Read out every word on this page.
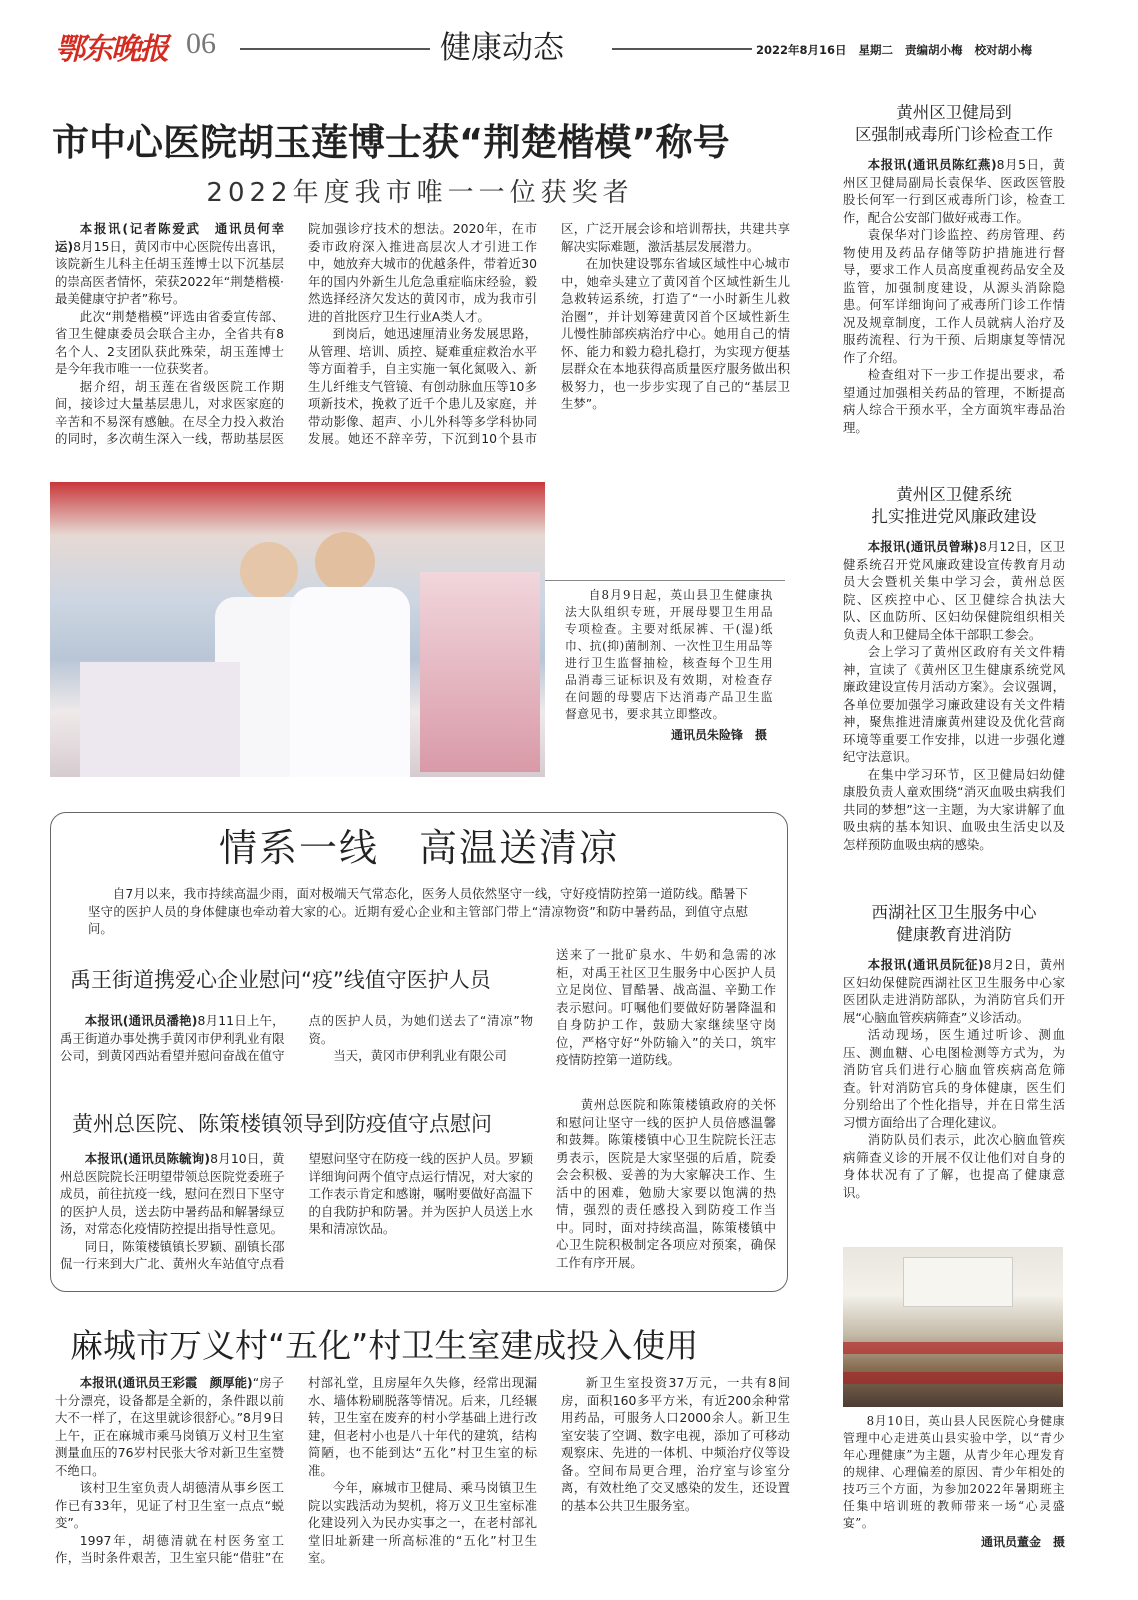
鄂东晚报 06	健康动态	2022年8月16日 星期二 责编胡小梅 校对胡小梅
市中心医院胡玉莲博士获“荆楚楷模”称号
2022年度我市唯一一位获奖者

本报讯(记者陈爱武　通讯员何幸运)8月15日，黄冈市中心医院传出喜讯，该院新生儿科主任胡玉莲博士以下沉基层的崇高医者情怀，荣获2022年“荆楚楷模·最美健康守护者”称号。

此次“荆楚楷模”评选由省委宣传部、省卫生健康委员会联合主办，全省共有8名个人、2支团队获此殊荣，胡玉莲博士是今年我市唯一一位获奖者。

据介绍，胡玉莲在省级医院工作期间，接诊过大量基层患儿，对求医家庭的辛苦和不易深有感触。在尽全力投入救治的同时，多次萌生深入一线，帮助基层医院加强诊疗技术的想法。2020年，在市委市政府深入推进高层次人才引进工作中，她放弃大城市的优越条件，带着近30年的国内外新生儿危急重症临床经验，毅然选择经济欠发达的黄冈市，成为我市引进的首批医疗卫生行业A类人才。

到岗后，她迅速厘清业务发展思路，从管理、培训、质控、疑难重症救治水平等方面着手，自主实施一氧化氮吸入、新生儿纤维支气管镜、有创动脉血压等10多项新技术，挽救了近千个患儿及家庭，并带动影像、超声、小儿外科等多学科协同发展。她还不辞辛劳，下沉到10个县市区，广泛开展会诊和培训帮扶，共建共享解决实际难题，激活基层发展潜力。

在加快建设鄂东省域区域性中心城市中，她牵头建立了黄冈首个区域性新生儿急救转运系统，打造了“一小时新生儿救治圈”，并计划筹建黄冈首个区域性新生儿慢性肺部疾病治疗中心。她用自己的情怀、能力和毅力稳扎稳打，为实现方便基层群众在本地获得高质量医疗服务做出积极努力，也一步步实现了自己的“基层卫生梦”。

自8月9日起，英山县卫生健康执法大队组织专班，开展母婴卫生用品专项检查。主要对纸尿裤、干(湿)纸巾、抗(抑)菌制剂、一次性卫生用品等进行卫生监督抽检，核查每个卫生用品消毒三证标识及有效期，对检查存在问题的母婴店下达消毒产品卫生监督意见书，要求其立即整改。

通讯员朱险锋　摄
情系一线　高温送清凉

自7月以来，我市持续高温少雨，面对极端天气常态化，医务人员依然坚守一线，守好疫情防控第一道防线。酷暑下坚守的医护人员的身体健康也牵动着大家的心。近期有爱心企业和主管部门带上“清凉物资”和防中暑药品，到值守点慰问。

禹王街道携爱心企业慰问“疫”线值守医护人员

本报讯(通讯员潘艳)8月11日上午，禹王街道办事处携手黄冈市伊利乳业有限公司，到黄冈西站看望并慰问奋战在值守点的医护人员，为她们送去了“清凉”物资。

当天，黄冈市伊利乳业有限公司

送来了一批矿泉水、牛奶和急需的冰柜，对禹王社区卫生服务中心医护人员立足岗位、冒酷暑、战高温、辛勤工作表示慰问。叮嘱他们要做好防暑降温和自身防护工作，鼓励大家继续坚守岗位，严格守好“外防输入”的关口，筑牢疫情防控第一道防线。

黄州总医院、陈策楼镇领导到防疫值守点慰问

本报讯(通讯员陈毓询)8月10日，黄州总医院院长汪明望带领总医院党委班子成员，前往抗疫一线，慰问在烈日下坚守的医护人员，送去防中暑药品和解暑绿豆汤，对常态化疫情防控提出指导性意见。

同日，陈策楼镇镇长罗颖、副镇长邵侃一行来到大广北、黄州火车站值守点看望慰问坚守在防疫一线的医护人员。罗颖详细询问两个值守点运行情况，对大家的工作表示肯定和感谢，嘱咐要做好高温下的自我防护和防暑。并为医护人员送上水果和清凉饮品。

黄州总医院和陈策楼镇政府的关怀和慰问让坚守一线的医护人员倍感温馨和鼓舞。陈策楼镇中心卫生院院长汪志勇表示，医院是大家坚强的后盾，院委会会积极、妥善的为大家解决工作、生活中的困难，勉励大家要以饱满的热情，强烈的责任感投入到防疫工作当中。同时，面对持续高温，陈策楼镇中心卫生院积极制定各项应对预案，确保工作有序开展。

麻城市万义村“五化”村卫生室建成投入使用

本报讯(通讯员王彩霞　颜厚能)“房子十分漂亮，设备都是全新的，条件跟以前大不一样了，在这里就诊很舒心。”8月9日上午，正在麻城市乘马岗镇万义村卫生室测量血压的76岁村民张大爷对新卫生室赞不绝口。

该村卫生室负责人胡德清从事乡医工作已有33年，见证了村卫生室一点点“蜕变”。

1997年，胡德清就在村医务室工作，当时条件艰苦，卫生室只能“借驻”在村部礼堂，且房屋年久失修，经常出现漏水、墙体粉刷脱落等情况。后来，几经辗转，卫生室在废弃的村小学基础上进行改建，但老村小也是八十年代的建筑，结构简陋，也不能到达“五化”村卫生室的标准。

今年，麻城市卫健局、乘马岗镇卫生院以实践活动为契机，将万义卫生室标准化建设列入为民办实事之一，在老村部礼堂旧址新建一所高标准的“五化”村卫生室。

新卫生室投资37万元，一共有8间房，面积160多平方米，有近200余种常用药品，可服务人口2000余人。新卫生室安装了空调、数字电视，添加了可移动观察床、先进的一体机、中频治疗仪等设备。空间布局更合理，治疗室与诊室分离，有效杜绝了交叉感染的发生，还设置的基本公共卫生服务室。

黄州区卫健局到
区强制戒毒所门诊检查工作

本报讯(通讯员陈红燕)8月5日，黄州区卫健局副局长袁保华、医政医管股股长何军一行到区戒毒所门诊，检查工作，配合公安部门做好戒毒工作。

袁保华对门诊监控、药房管理、药物使用及药品存储等防护措施进行督导，要求工作人员高度重视药品安全及监管，加强制度建设，从源头消除隐患。何军详细询问了戒毒所门诊工作情况及规章制度，工作人员就病人治疗及服药流程、行为干预、后期康复等情况作了介绍。

检查组对下一步工作提出要求，希望通过加强相关药品的管理，不断提高病人综合干预水平，全方面筑牢毒品治理。

黄州区卫健系统
扎实推进党风廉政建设

本报讯(通讯员曾琳)8月12日，区卫健系统召开党风廉政建设宣传教育月动员大会暨机关集中学习会，黄州总医院、区疾控中心、区卫健综合执法大队、区血防所、区妇幼保健院组织相关负责人和卫健局全体干部职工参会。

会上学习了黄州区政府有关文件精神，宣读了《黄州区卫生健康系统党风廉政建设宣传月活动方案》。会议强调，各单位要加强学习廉政建设有关文件精神，聚焦推进清廉黄州建设及优化营商环境等重要工作安排，以进一步强化遵纪守法意识。

在集中学习环节，区卫健局妇幼健康股负责人童欢围绕“消灭血吸虫病我们共同的梦想”这一主题，为大家讲解了血吸虫病的基本知识、血吸虫生活史以及怎样预防血吸虫病的感染。

西湖社区卫生服务中心
健康教育进消防

本报讯(通讯员阮征)8月2日，黄州区妇幼保健院西湖社区卫生服务中心家医团队走进消防部队，为消防官兵们开展“心脑血管疾病筛查”义诊活动。

活动现场，医生通过听诊、测血压、测血糖、心电图检测等方式为，为消防官兵们进行心脑血管疾病高危筛查。针对消防官兵的身体健康，医生们分别给出了个性化指导，并在日常生活习惯方面给出了合理化建议。

消防队员们表示，此次心脑血管疾病筛查义诊的开展不仅让他们对自身的身体状况有了了解，也提高了健康意识。

8月10日，英山县人民医院心身健康管理中心走进英山县实验中学，以“青少年心理健康”为主题，从青少年心理发育的规律、心理偏差的原因、青少年相处的技巧三个方面，为参加2022年暑期班主任集中培训班的教师带来一场“心灵盛宴”。

通讯员董金　摄
